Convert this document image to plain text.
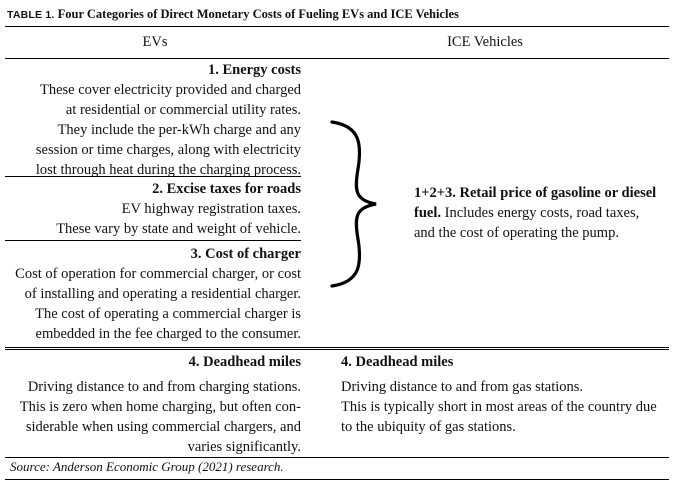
TABLE 1. Four Categories of Direct Monetary Costs of Fueling EVs and ICE Vehicles
EVs	ICE Vehicles

1. Energy costs

These cover electricity provided and charged

at residential or commercial utility rates.

They include the per-kWh charge and any

session or time charges, along with electricity

lost through heat during the charging process.

2. Excise taxes for roads

EV highway registration taxes.

These vary by state and weight of vehicle.

3. Cost of charger

Cost of operation for commercial charger, or cost

of installing and operating a residential charger.

The cost of operating a commercial charger is

embedded in the fee charged to the consumer.

1+2+3. Retail price of gasoline or diesel

fuel. Includes energy costs, road taxes,

and the cost of operating the pump.

4. Deadhead miles

Driving distance to and from charging stations.

This is zero when home charging, but often con-

siderable when using commercial chargers, and

varies significantly.

4. Deadhead miles

Driving distance to and from gas stations.

This is typically short in most areas of the country due

to the ubiquity of gas stations.

Source: Anderson Economic Group (2021) research.
